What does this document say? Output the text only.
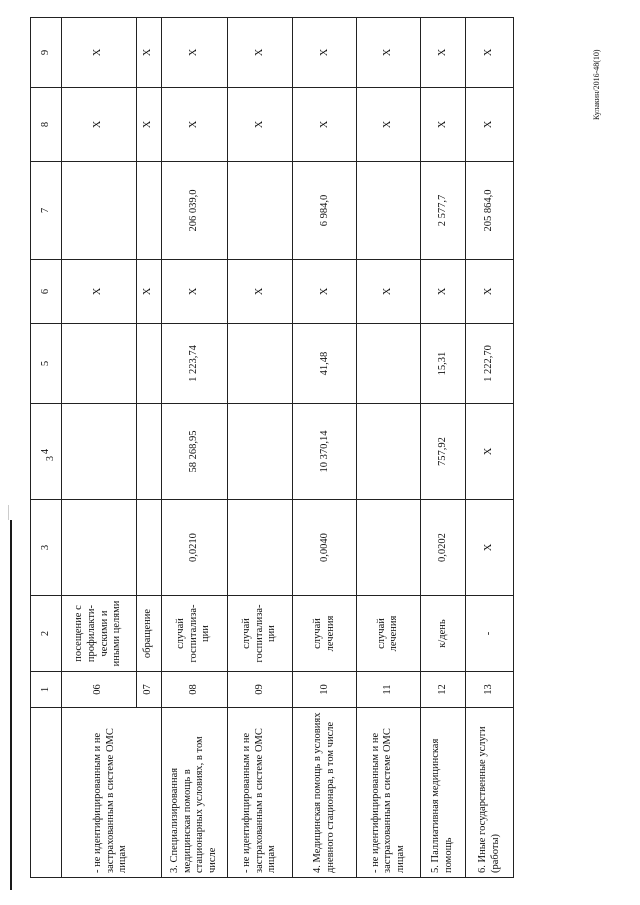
3
Кулакин/2016-48(10)
	1	2	3	4	5	6	7	8	9
- не идентифицированным и не застрахованным в системе ОМС лицам	06	посещение с профилакти-ческими и иными целями				X		X	X
	07	обращение				X		X	X
3. Специализированная медицинская помощь в стационарных условиях, в том числе	08	случай госпитализа-ции	0,0210	58 268,95	1 223,74	X	206 039,0	X	X
- не идентифицированным и не застрахованным в системе ОМС лицам	09	случай госпитализа-ции				X		X	X
4. Медицинская помощь в условиях дневного стационара, в том числе	10	случай лечения	0,0040	10 370,14	41,48	X	6 984,0	X	X
- не идентифицированным и не застрахованным в системе ОМС лицам	11	случай лечения				X		X	X
5. Паллиативная медицинская помощь	12	к/день	0,0202	757,92	15,31	X	2 577,7	X	X
6. Иные государственные услуги (работы)	13	-	X	X	1 222,70	X	205 864,0	X	X
